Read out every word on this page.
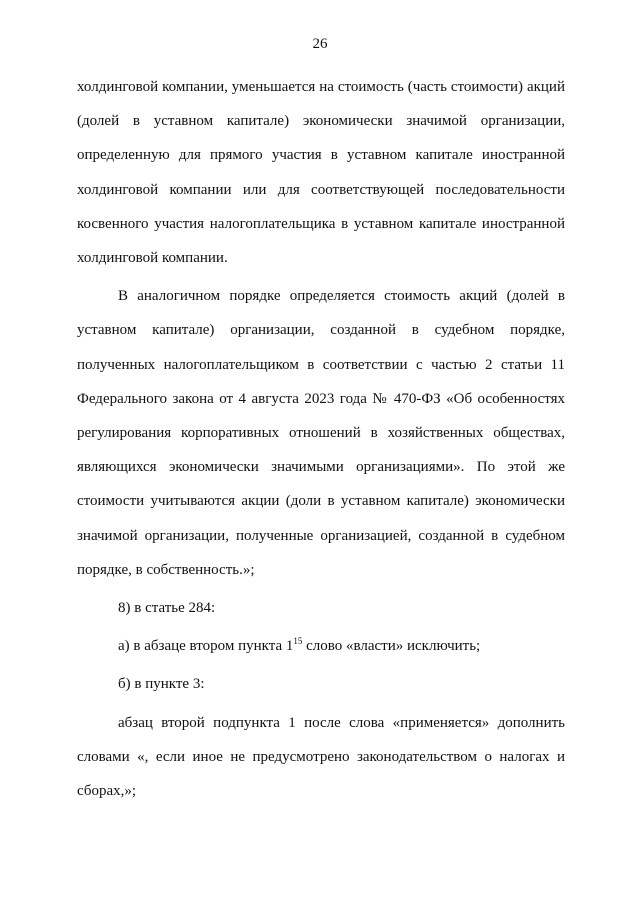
26

холдинговой компании, уменьшается на стоимость (часть стоимости) акций (долей в уставном капитале) экономически значимой организации, определенную для прямого участия в уставном капитале иностранной холдинговой компании или для соответствующей последовательности косвенного участия налогоплательщика в уставном капитале иностранной холдинговой компании.

В аналогичном порядке определяется стоимость акций (долей в уставном капитале) организации, созданной в судебном порядке, полученных налогоплательщиком в соответствии с частью 2 статьи 11 Федерального закона от 4 августа 2023 года № 470-ФЗ «Об особенностях регулирования корпоративных отношений в хозяйственных обществах, являющихся экономически значимыми организациями». По этой же стоимости учитываются акции (доли в уставном капитале) экономически значимой организации, полученные организацией, созданной в судебном порядке, в собственность.»;

8) в статье 284:

а) в абзаце втором пункта $1^{15}$ слово «власти» исключить;

б) в пункте 3:

абзац второй подпункта 1 после слова «применяется» дополнить словами «, если иное не предусмотрено законодательством о налогах и сборах,»;
